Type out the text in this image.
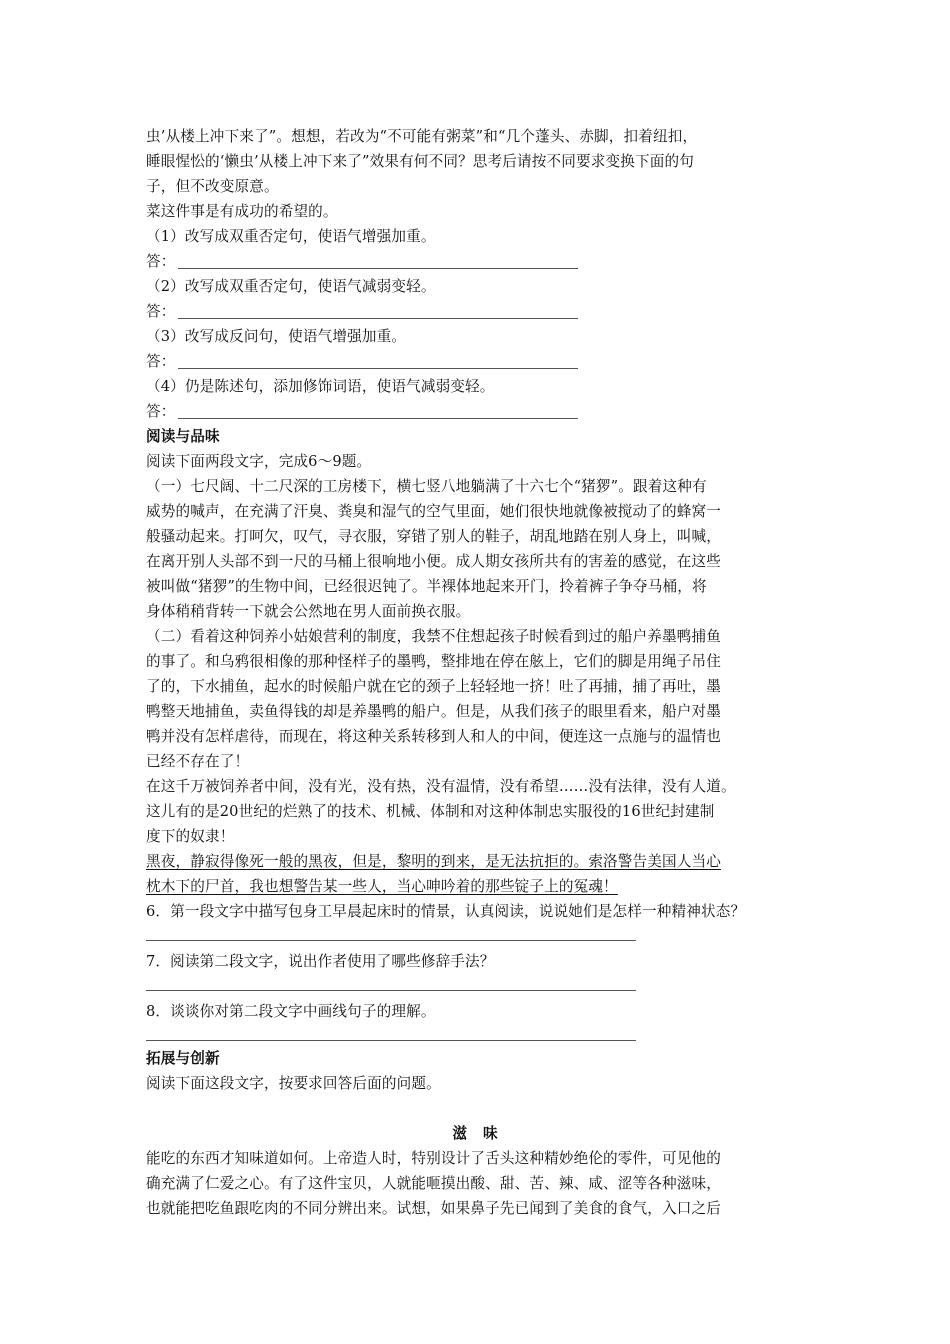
虫’从楼上冲下来了”。想想，若改为“不可能有粥菜”和“几个蓬头、赤脚，扣着纽扣，
睡眼惺忪的‘懒虫’从楼上冲下来了”效果有何不同？思考后请按不同要求变换下面的句
子，但不改变原意。
菜这件事是有成功的希望的。
（1）改写成双重否定句，使语气增强加重。
答：
（2）改写成双重否定句，使语气减弱变轻。
答：
（3）改写成反问句，使语气增强加重。
答：
（4）仍是陈述句，添加修饰词语，使语气减弱变轻。
答：
阅读与品味
阅读下面两段文字，完成6～9题。
（一）七尺阔、十二尺深的工房楼下，横七竖八地躺满了十六七个“猪猡”。跟着这种有
威势的喊声，在充满了汗臭、粪臭和湿气的空气里面，她们很快地就像被搅动了的蜂窝一
般骚动起来。打呵欠，叹气，寻衣服，穿错了别人的鞋子，胡乱地踏在别人身上，叫喊，
在离开别人头部不到一尺的马桶上很响地小便。成人期女孩所共有的害羞的感觉，在这些
被叫做“猪猡”的生物中间，已经很迟钝了。半裸体地起来开门，拎着裤子争夺马桶，将
身体稍稍背转一下就会公然地在男人面前换衣服。
（二）看着这种饲养小姑娘营利的制度，我禁不住想起孩子时候看到过的船户养墨鸭捕鱼
的事了。和乌鸦很相像的那种怪样子的墨鸭，整排地在停在舷上，它们的脚是用绳子吊住
了的，下水捕鱼，起水的时候船户就在它的颈子上轻轻地一挤！吐了再捕，捕了再吐，墨
鸭整天地捕鱼，卖鱼得钱的却是养墨鸭的船户。但是，从我们孩子的眼里看来，船户对墨
鸭并没有怎样虐待，而现在，将这种关系转移到人和人的中间，便连这一点施与的温情也
已经不存在了！
在这千万被饲养者中间，没有光，没有热，没有温情，没有希望……没有法律，没有人道。
这儿有的是20世纪的烂熟了的技术、机械、体制和对这种体制忠实服役的16世纪封建制
度下的奴隶！
黑夜，静寂得像死一般的黑夜，但是，黎明的到来，是无法抗拒的。索洛警告美国人当心
枕木下的尸首，我也想警告某一些人，当心呻吟着的那些锭子上的冤魂！
6．第一段文字中描写包身工早晨起床时的情景，认真阅读，说说她们是怎样一种精神状态？
7．阅读第二段文字，说出作者使用了哪些修辞手法？
8．谈谈你对第二段文字中画线句子的理解。
拓展与创新
阅读下面这段文字，按要求回答后面的问题。
滋味
能吃的东西才知味道如何。上帝造人时，特别设计了舌头这种精妙绝伦的零件，可见他的
确充满了仁爱之心。有了这件宝贝，人就能咂摸出酸、甜、苦、辣、咸、涩等各种滋味，
也就能把吃鱼跟吃肉的不同分辨出来。试想，如果鼻子先已闻到了美食的食气，入口之后
